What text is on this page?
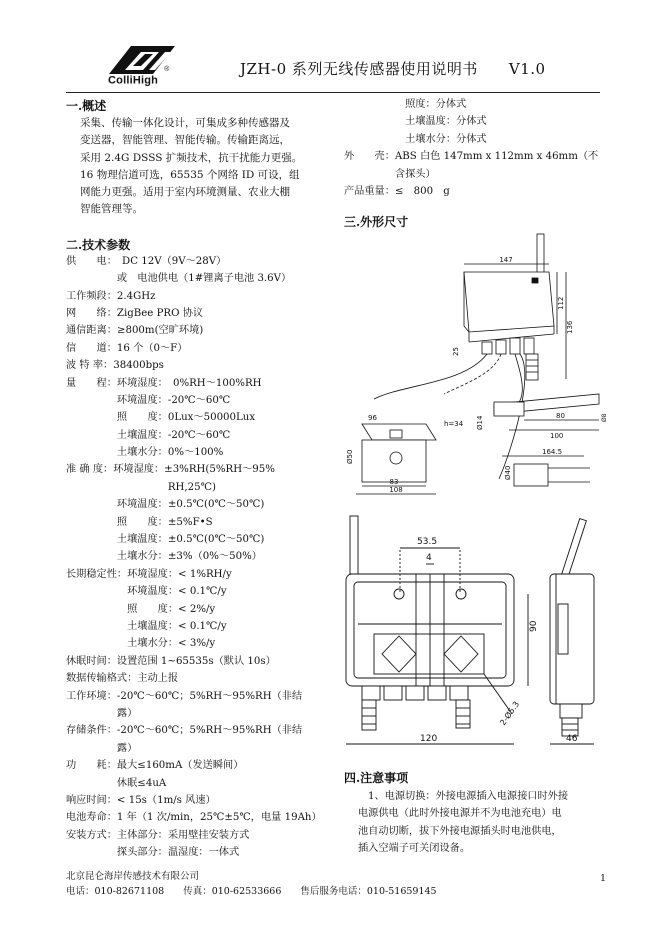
ColliHigh®	JZH-0 系列无线传感器使用说明书　　V1.0
一.概述
采集、传输一体化设计，可集成多种传感器及
变送器，智能管理、智能传输。传输距离远，
采用 2.4G DSSS 扩频技术，抗干扰能力更强。
16 物理信道可选，65535 个网络 ID 可设，组
网能力更强。适用于室内环境测量、农业大棚
智能管理等。
二.技术参数
供　　电：　DC 12V（9V～28V）
　　　　　或　电池供电（1#锂离子电池 3.6V）
工作频段：2.4GHz
网　　络：ZigBee PRO 协议
通信距离：≥800m(空旷环境)
信　　道：16 个（0～F）
波 特 率：38400bps
量　　程：环境湿度：　0%RH～100%RH
　　　　　环境温度：-20℃～60℃
　　　　　照　　度：0Lux～50000Lux
　　　　　土壤温度：-20℃～60℃
　　　　　土壤水分：0%～100%
准 确 度：环境湿度：±3%RH(5%RH～95%
　　　　　　　　　　RH,25℃)
　　　　　环境温度：±0.5℃(0℃～50℃)
　　　　　照　　度：±5%F•S
　　　　　土壤温度：±0.5℃(0℃～50℃)
　　　　　土壤水分：±3%（0%～50%）
长期稳定性：环境湿度：< 1%RH/y
　　　　　　环境温度：< 0.1℃/y
　　　　　　照　　度：< 2%/y
　　　　　　土壤温度：< 0.1℃/y
　　　　　　土壤水分：< 3%/y
休眠时间：设置范围 1~65535s（默认 10s）
数据传输格式：主动上报
工作环境：-20℃～60℃；5%RH～95%RH（非结
　　　　　露）
存储条件：-20℃～60℃；5%RH～95%RH（非结
　　　　　露）
功　　耗：最大≤160mA（发送瞬间）
　　　　　休眠≤4uA
响应时间：< 15s（1m/s 风速）
电池寿命：1 年（1 次/min，25℃±5℃，电量 19Ah）
安装方式：主体部分：采用壁挂安装方式
　　　　　探头部分：温湿度：一体式
　　　　　　照度：分体式
　　　　　　土壤温度：分体式
　　　　　　土壤水分：分体式
外　　壳：ABS 白色 147mm x 112mm x 46mm（不
　　　　　含探头）
产品重量：≤　800　g
三.外形尺寸
147
112
136
25
83
108
96
Ø50
h=34 Ø14	80
100
Ø8
164.5
Ø40
53.5
4
90
120
2-Ø5.3
46
四.注意事项
1、电源切换：外接电源插入电源接口时外接
电源供电（此时外接电源并不为电池充电）电
池自动切断，拔下外接电源插头时电池供电，
插入空端子可关闭设备。
北京昆仑海岸传感技术有限公司
电话：010-82671108　　传真：010-62533666　　售后服务电话：010-51659145
1
